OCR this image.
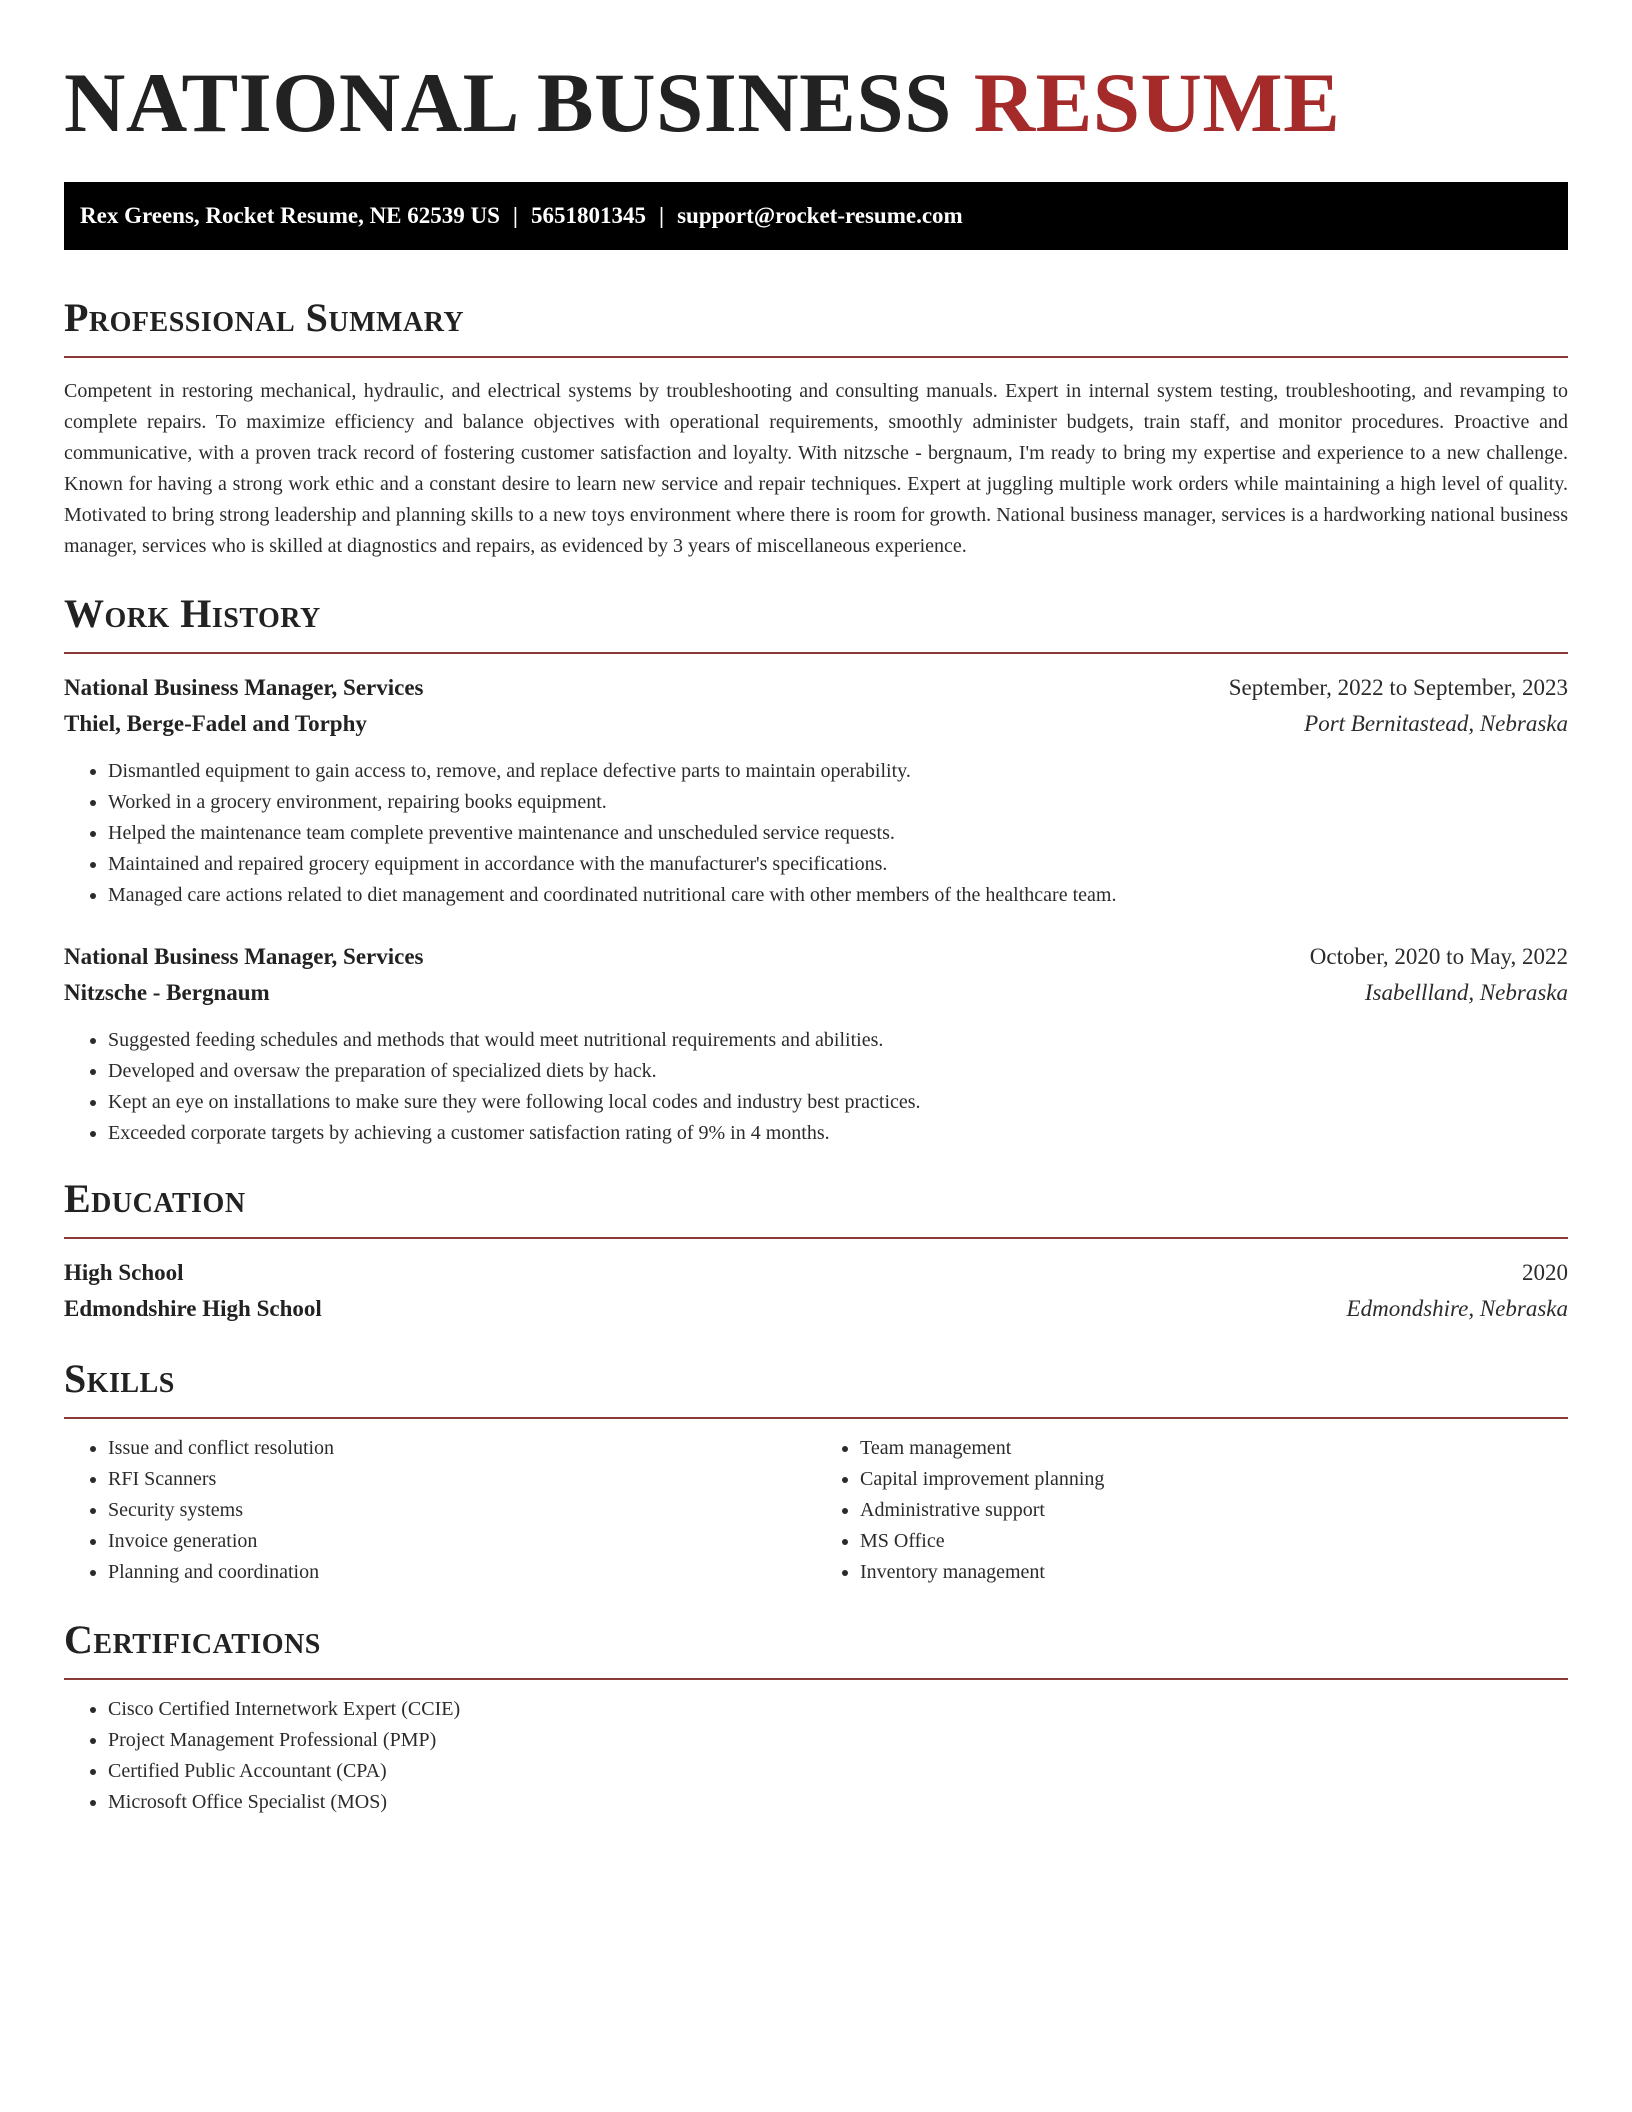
NATIONAL BUSINESS RESUME
Rex Greens, Rocket Resume, NE 62539 US | 5651801345 | support@rocket-resume.com
Professional Summary
Competent in restoring mechanical, hydraulic, and electrical systems by troubleshooting and consulting manuals. Expert in internal system testing, troubleshooting, and revamping to complete repairs. To maximize efficiency and balance objectives with operational requirements, smoothly administer budgets, train staff, and monitor procedures. Proactive and communicative, with a proven track record of fostering customer satisfaction and loyalty. With nitzsche - bergnaum, I'm ready to bring my expertise and experience to a new challenge. Known for having a strong work ethic and a constant desire to learn new service and repair techniques. Expert at juggling multiple work orders while maintaining a high level of quality. Motivated to bring strong leadership and planning skills to a new toys environment where there is room for growth. National business manager, services is a hardworking national business manager, services who is skilled at diagnostics and repairs, as evidenced by 3 years of miscellaneous experience.
Work History
National Business Manager, Services	September, 2022 to September, 2023
Thiel, Berge-Fadel and Torphy	Port Bernitastead, Nebraska
• Dismantled equipment to gain access to, remove, and replace defective parts to maintain operability.
• Worked in a grocery environment, repairing books equipment.
• Helped the maintenance team complete preventive maintenance and unscheduled service requests.
• Maintained and repaired grocery equipment in accordance with the manufacturer's specifications.
• Managed care actions related to diet management and coordinated nutritional care with other members of the healthcare team.
National Business Manager, Services	October, 2020 to May, 2022
Nitzsche - Bergnaum	Isabellland, Nebraska
• Suggested feeding schedules and methods that would meet nutritional requirements and abilities.
• Developed and oversaw the preparation of specialized diets by hack.
• Kept an eye on installations to make sure they were following local codes and industry best practices.
• Exceeded corporate targets by achieving a customer satisfaction rating of 9% in 4 months.
Education
High School	2020
Edmondshire High School	Edmondshire, Nebraska
Skills
• Issue and conflict resolution
• RFI Scanners
• Security systems
• Invoice generation
• Planning and coordination
• Team management
• Capital improvement planning
• Administrative support
• MS Office
• Inventory management
Certifications
• Cisco Certified Internetwork Expert (CCIE)
• Project Management Professional (PMP)
• Certified Public Accountant (CPA)
• Microsoft Office Specialist (MOS)
